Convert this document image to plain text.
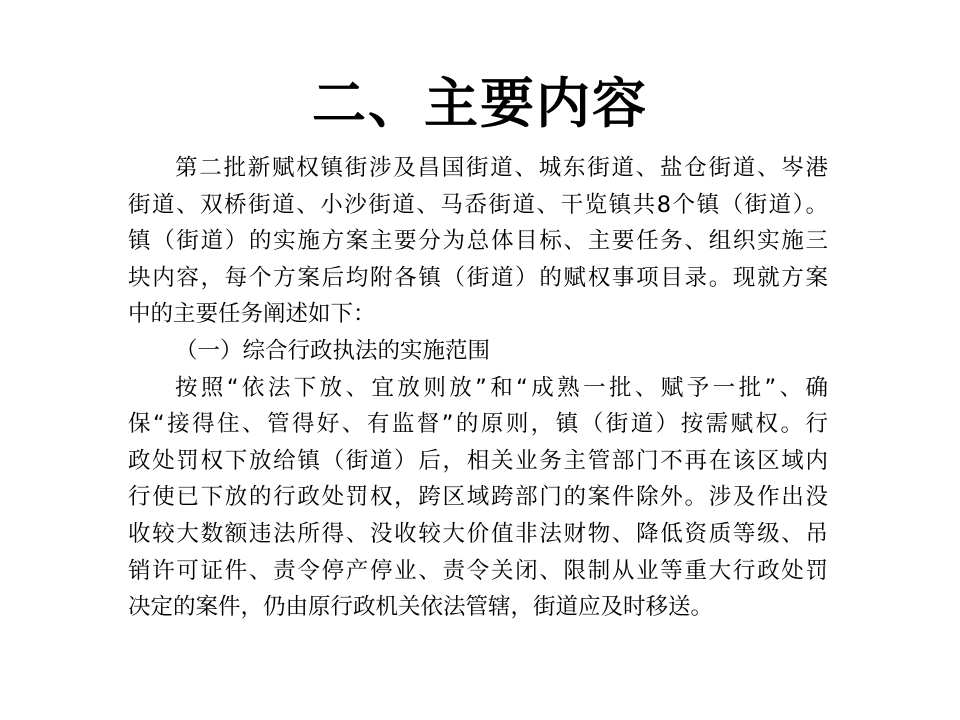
二、主要内容
第二批新赋权镇街涉及昌国街道、城东街道、盐仓街道、岑港
街道、双桥街道、小沙街道、马岙街道、干览镇共8个镇（街道）。
镇（街道）的实施方案主要分为总体目标、主要任务、组织实施三
块内容，每个方案后均附各镇（街道）的赋权事项目录。现就方案
中的主要任务阐述如下：
（一）综合行政执法的实施范围
按照“依法下放、宜放则放”和“成熟一批、赋予一批”、确
保“接得住、管得好、有监督”的原则，镇（街道）按需赋权。行
政处罚权下放给镇（街道）后，相关业务主管部门不再在该区域内
行使已下放的行政处罚权，跨区域跨部门的案件除外。涉及作出没
收较大数额违法所得、没收较大价值非法财物、降低资质等级、吊
销许可证件、责令停产停业、责令关闭、限制从业等重大行政处罚
决定的案件，仍由原行政机关依法管辖，街道应及时移送。
